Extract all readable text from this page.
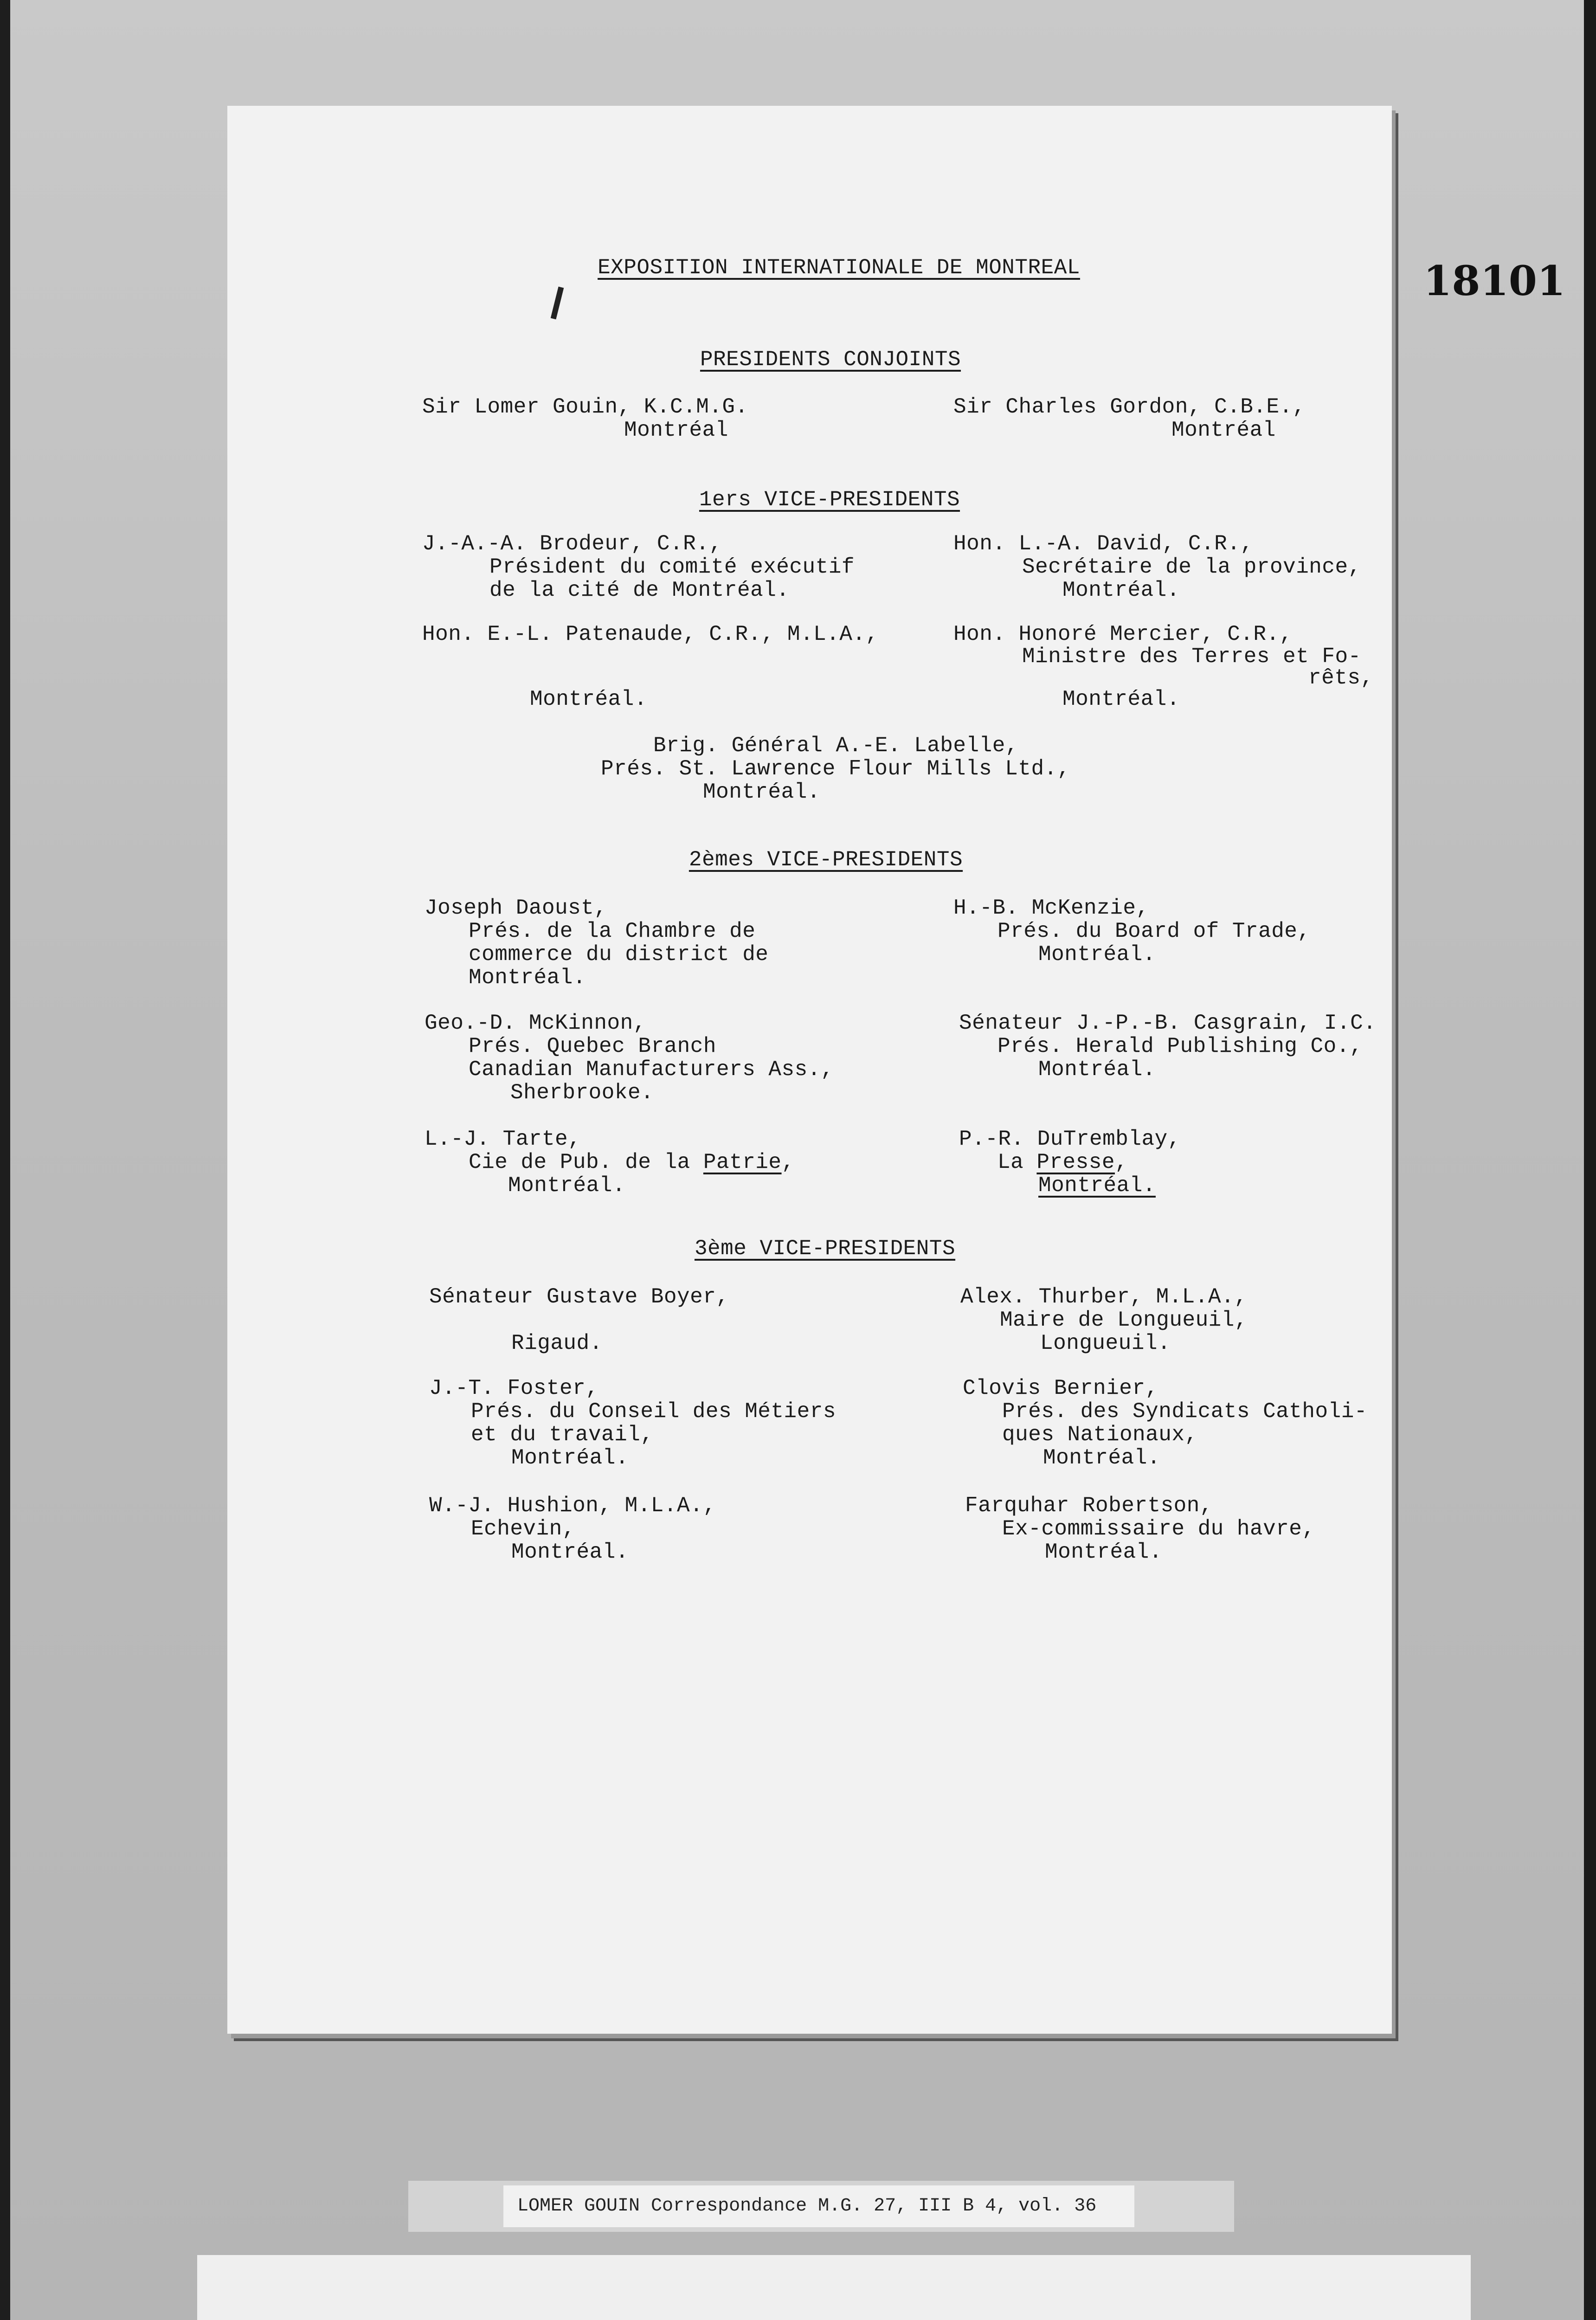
18101
EXPOSITION INTERNATIONALE DE MONTREAL
PRESIDENTS CONJOINTS
Sir Lomer Gouin, K.C.M.G.
Montréal
Sir Charles Gordon, C.B.E.,
Montréal
1ers VICE-PRESIDENTS
J.-A.-A. Brodeur, C.R.,
Président du comité exécutif
de la cité de Montréal.
Hon. L.-A. David, C.R.,
Secrétaire de la province,
Montréal.
Hon. E.-L. Patenaude, C.R., M.L.A.,
Montréal.
Hon. Honoré Mercier, C.R.,
Ministre des Terres et Fo-
rêts,
Montréal.
Brig. Général A.-E. Labelle,
Prés. St. Lawrence Flour Mills Ltd.,
Montréal.
2èmes VICE-PRESIDENTS
Joseph Daoust,
Prés. de la Chambre de
commerce du district de
Montréal.
H.-B. McKenzie,
Prés. du Board of Trade,
Montréal.
Geo.-D. McKinnon,
Prés. Quebec Branch
Canadian Manufacturers Ass.,
Sherbrooke.
Sénateur J.-P.-B. Casgrain, I.C.
Prés. Herald Publishing Co.,
Montréal.
L.-J. Tarte,
Cie de Pub. de la Patrie,
Montréal.
P.-R. DuTremblay,
La Presse,
Montréal.
3ème VICE-PRESIDENTS
Sénateur Gustave Boyer,
Rigaud.
Alex. Thurber, M.L.A.,
Maire de Longueuil,
Longueuil.
J.-T. Foster,
Prés. du Conseil des Métiers
et du travail,
Montréal.
Clovis Bernier,
Prés. des Syndicats Catholi-
ques Nationaux,
Montréal.
W.-J. Hushion, M.L.A.,
Echevin,
Montréal.
Farquhar Robertson,
Ex-commissaire du havre,
Montréal.
LOMER GOUIN Correspondance M.G. 27, III B 4, vol. 36
